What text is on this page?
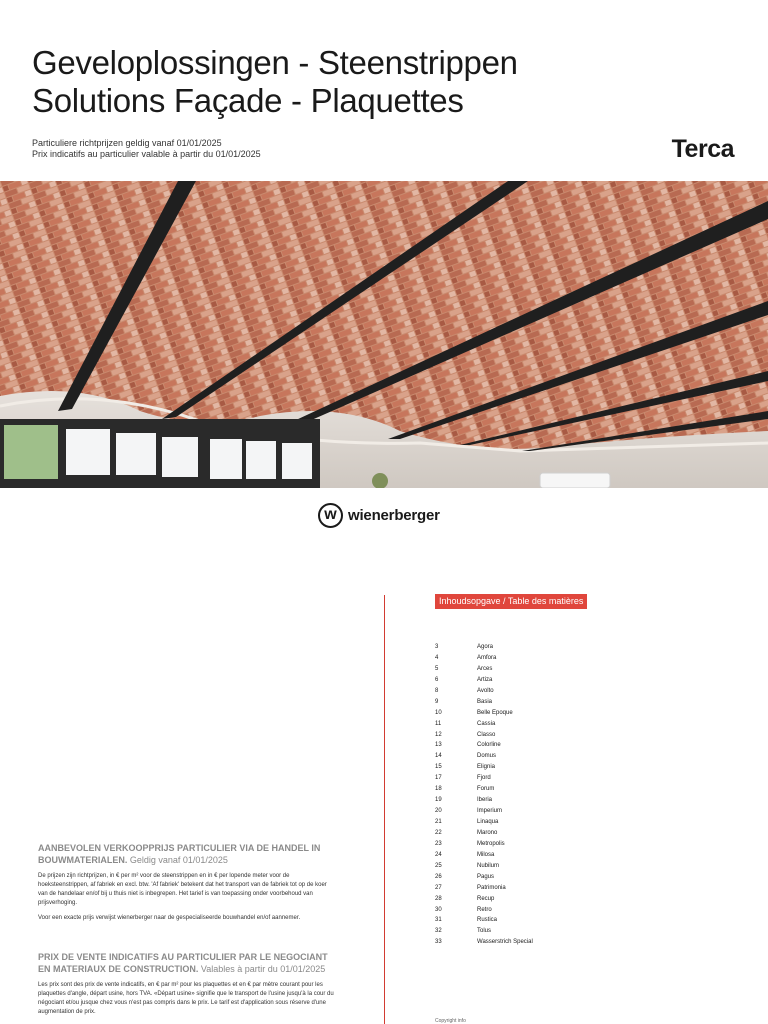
Geveloplossingen - Steenstrippen
Solutions Façade - Plaquettes
Particuliere richtprijzen geldig vanaf 01/01/2025
Prix indicatifs au particulier valable à partir du 01/01/2025	Terca
w wienerberger
Inhoudsopgave / Table des matières
3	Agora
4	Amfora
5	Arces
6	Artiza
8	Avolto
9	Basia
10	Belle Epoque
11	Cassia
12	Classo
13	Colorline
14	Domus
15	Elignia
17	Fjord
18	Forum
19	Iberia
20	Imperium
21	Linaqua
22	Marono
23	Metropolis
24	Milosa
25	Nubilum
26	Pagus
27	Patrimonia
28	Recup
30	Retro
31	Rustica
32	Tolus
33	Wasserstrich Special
AANBEVOLEN VERKOOPPRIJS PARTICULIER VIA DE HANDEL IN BOUWMATERIALEN. Geldig vanaf 01/01/2025

De prijzen zijn richtprijzen, in € per m² voor de steenstrippen en in € per lopende meter voor de hoeksteenstrippen, af fabriek en excl. btw. 'Af fabriek' betekent dat het transport van de fabriek tot op de koer van de handelaar en/of bij u thuis niet is inbegrepen. Het tarief is van toepassing onder voorbehoud van prijsverhoging.

Voor een exacte prijs verwijst wienerberger naar de gespecialiseerde bouwhandel en/of aannemer.

PRIX DE VENTE INDICATIFS AU PARTICULIER PAR LE NEGOCIANT EN MATERIAUX DE CONSTRUCTION. Valables à partir du 01/01/2025

Les prix sont des prix de vente indicatifs, en € par m² pour les plaquettes et en € par mètre courant pour les plaquettes d'angle, départ usine, hors TVA. «Départ usine» signifie que le transport de l'usine jusqu'à la cour du négociant et/ou jusque chez vous n'est pas compris dans le prix. Le tarif est d'application sous réserve d'une augmentation de prix.

Copyright info
